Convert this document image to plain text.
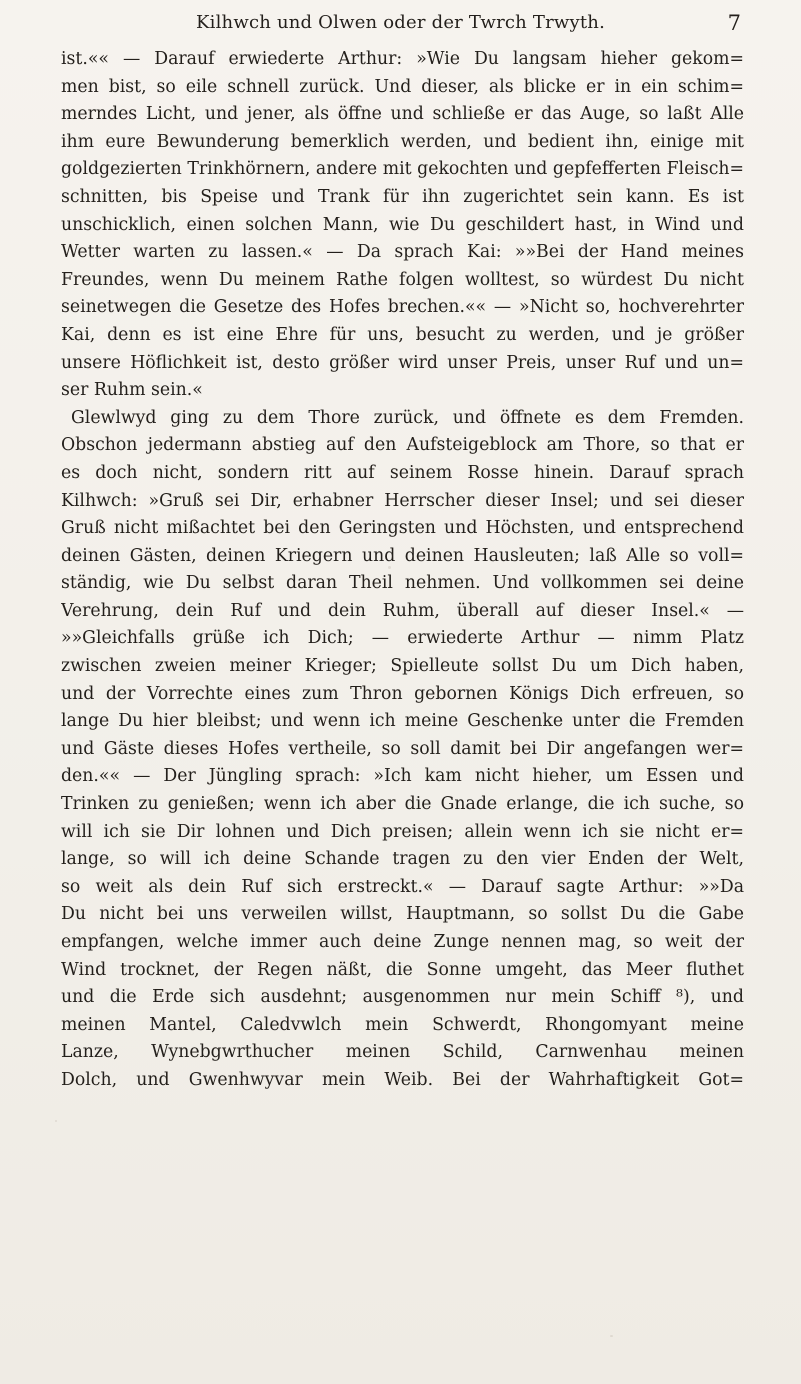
Kilhwch und Olwen oder der Twrch Trwyth.	7
ist.«« — Darauf erwiederte Arthur: »Wie Du langsam hieher gekom=
men bist, so eile schnell zurück. Und dieser, als blicke er in ein schim=
merndes Licht, und jener, als öffne und schließe er das Auge, so laßt Alle
ihm eure Bewunderung bemerklich werden, und bedient ihn, einige mit
goldgezierten Trinkhörnern, andere mit gekochten und gepfefferten Fleisch=
schnitten, bis Speise und Trank für ihn zugerichtet sein kann. Es ist
unschicklich, einen solchen Mann, wie Du geschildert hast, in Wind und
Wetter warten zu lassen.« — Da sprach Kai: »»Bei der Hand meines
Freundes, wenn Du meinem Rathe folgen wolltest, so würdest Du nicht
seinetwegen die Gesetze des Hofes brechen.«« — »Nicht so, hochverehrter
Kai, denn es ist eine Ehre für uns, besucht zu werden, und je größer
unsere Höflichkeit ist, desto größer wird unser Preis, unser Ruf und un=
ser Ruhm sein.«
Glewlwyd ging zu dem Thore zurück, und öffnete es dem Fremden.
Obschon jedermann abstieg auf den Aufsteigeblock am Thore, so that er
es doch nicht, sondern ritt auf seinem Rosse hinein. Darauf sprach
Kilhwch: »Gruß sei Dir, erhabner Herrscher dieser Insel; und sei dieser
Gruß nicht mißachtet bei den Geringsten und Höchsten, und entsprechend
deinen Gästen, deinen Kriegern und deinen Hausleuten; laß Alle so voll=
ständig, wie Du selbst daran Theil nehmen. Und vollkommen sei deine
Verehrung, dein Ruf und dein Ruhm, überall auf dieser Insel.« —
»»Gleichfalls grüße ich Dich; — erwiederte Arthur — nimm Platz
zwischen zweien meiner Krieger; Spielleute sollst Du um Dich haben,
und der Vorrechte eines zum Thron gebornen Königs Dich erfreuen, so
lange Du hier bleibst; und wenn ich meine Geschenke unter die Fremden
und Gäste dieses Hofes vertheile, so soll damit bei Dir angefangen wer=
den.«« — Der Jüngling sprach: »Ich kam nicht hieher, um Essen und
Trinken zu genießen; wenn ich aber die Gnade erlange, die ich suche, so
will ich sie Dir lohnen und Dich preisen; allein wenn ich sie nicht er=
lange, so will ich deine Schande tragen zu den vier Enden der Welt,
so weit als dein Ruf sich erstreckt.« — Darauf sagte Arthur: »»Da
Du nicht bei uns verweilen willst, Hauptmann, so sollst Du die Gabe
empfangen, welche immer auch deine Zunge nennen mag, so weit der
Wind trocknet, der Regen näßt, die Sonne umgeht, das Meer fluthet
und die Erde sich ausdehnt; ausgenommen nur mein Schiff ⁸), und
meinen Mantel, Caledvwlch mein Schwerdt, Rhongomyant meine
Lanze, Wynebgwrthucher meinen Schild, Carnwenhau meinen
Dolch, und Gwenhwyvar mein Weib. Bei der Wahrhaftigkeit Got=
